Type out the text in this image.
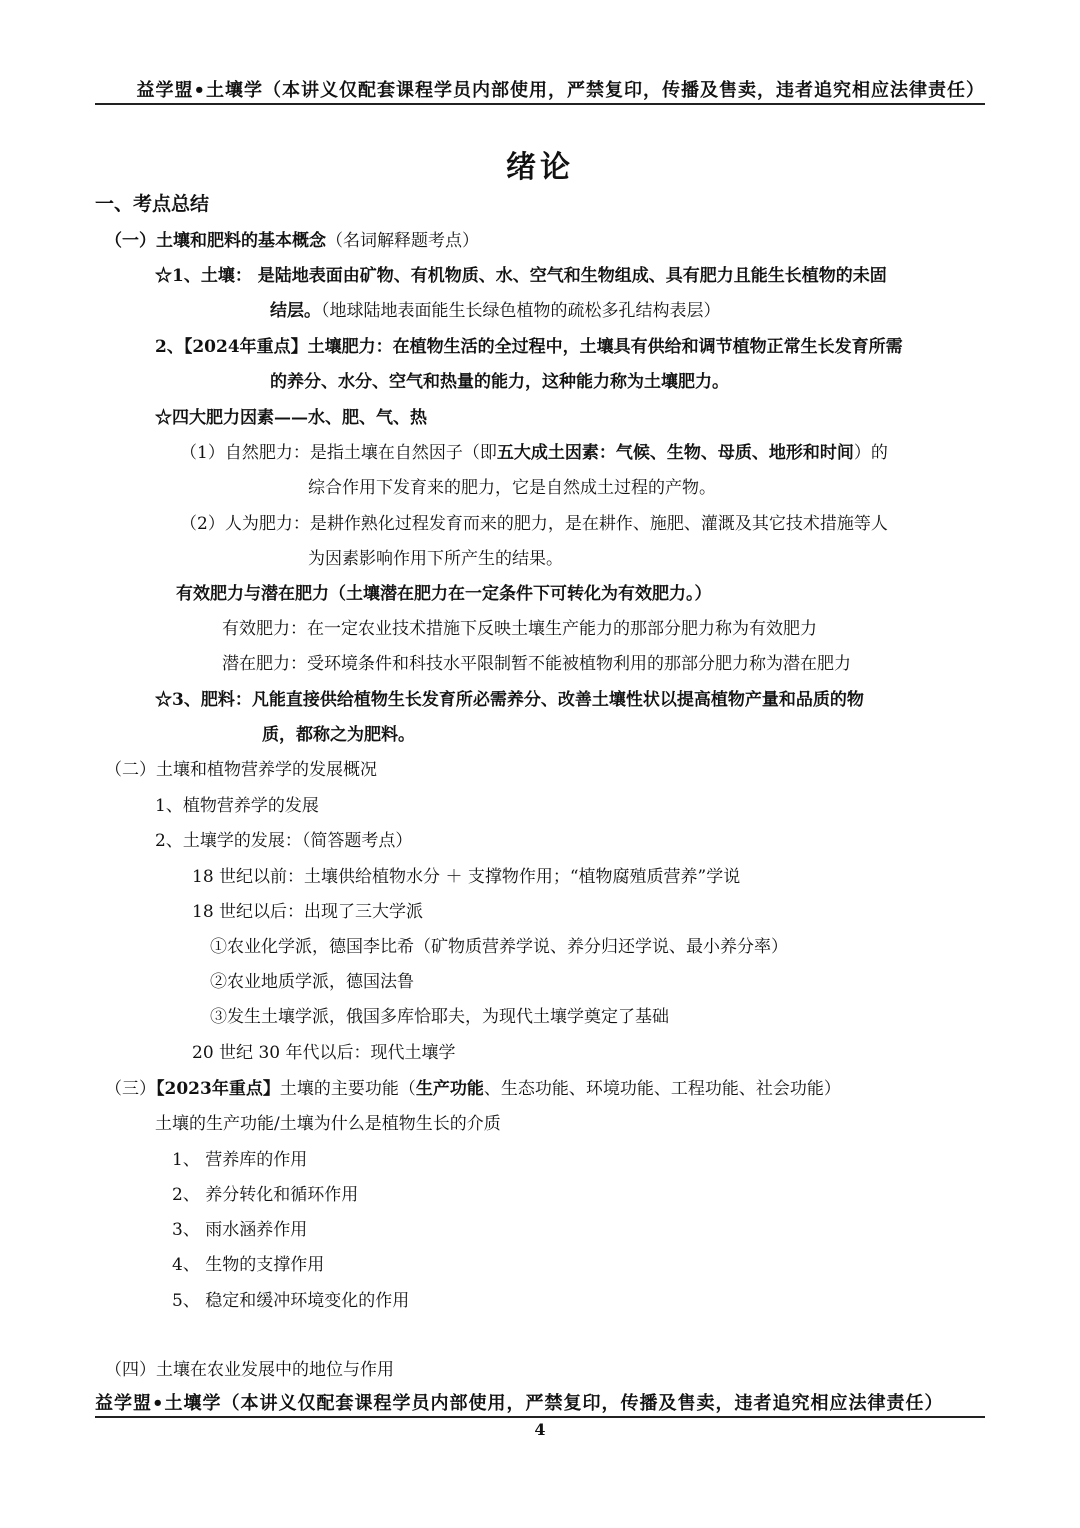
益学盟•土壤学（本讲义仅配套课程学员内部使用，严禁复印，传播及售卖，违者追究相应法律责任）
绪论
一、考点总结
（一）土壤和肥料的基本概念（名词解释题考点）
☆1、土壤： 是陆地表面由矿物、有机物质、水、空气和生物组成、具有肥力且能生长植物的未固
结层。（地球陆地表面能生长绿色植物的疏松多孔结构表层）
2、【2024年重点】土壤肥力：在植物生活的全过程中，土壤具有供给和调节植物正常生长发育所需
的养分、水分、空气和热量的能力，这种能力称为土壤肥力。
☆四大肥力因素——水、肥、气、热
（1）自然肥力：是指土壤在自然因子（即五大成土因素：气候、生物、母质、地形和时间）的
综合作用下发育来的肥力，它是自然成土过程的产物。
（2）人为肥力：是耕作熟化过程发育而来的肥力，是在耕作、施肥、灌溉及其它技术措施等人
为因素影响作用下所产生的结果。
有效肥力与潜在肥力（土壤潜在肥力在一定条件下可转化为有效肥力。）
有效肥力：在一定农业技术措施下反映土壤生产能力的那部分肥力称为有效肥力
潜在肥力：受环境条件和科技水平限制暂不能被植物利用的那部分肥力称为潜在肥力
☆3、肥料：凡能直接供给植物生长发育所必需养分、改善土壤性状以提高植物产量和品质的物
质，都称之为肥料。
（二）土壤和植物营养学的发展概况
1、植物营养学的发展
2、土壤学的发展：（简答题考点）
18 世纪以前：土壤供给植物水分 ＋ 支撑物作用；“植物腐殖质营养”学说
18 世纪以后：出现了三大学派
①农业化学派，德国李比希（矿物质营养学说、养分归还学说、最小养分率）
②农业地质学派，德国法鲁
③发生土壤学派，俄国多库恰耶夫，为现代土壤学奠定了基础
20 世纪 30 年代以后：现代土壤学
（三）【2023年重点】土壤的主要功能（生产功能、生态功能、环境功能、工程功能、社会功能）
土壤的生产功能/土壤为什么是植物生长的介质
1、 营养库的作用
2、 养分转化和循环作用
3、 雨水涵养作用
4、 生物的支撑作用
5、 稳定和缓冲环境变化的作用
（四）土壤在农业发展中的地位与作用
益学盟•土壤学（本讲义仅配套课程学员内部使用，严禁复印，传播及售卖，违者追究相应法律责任）
4
